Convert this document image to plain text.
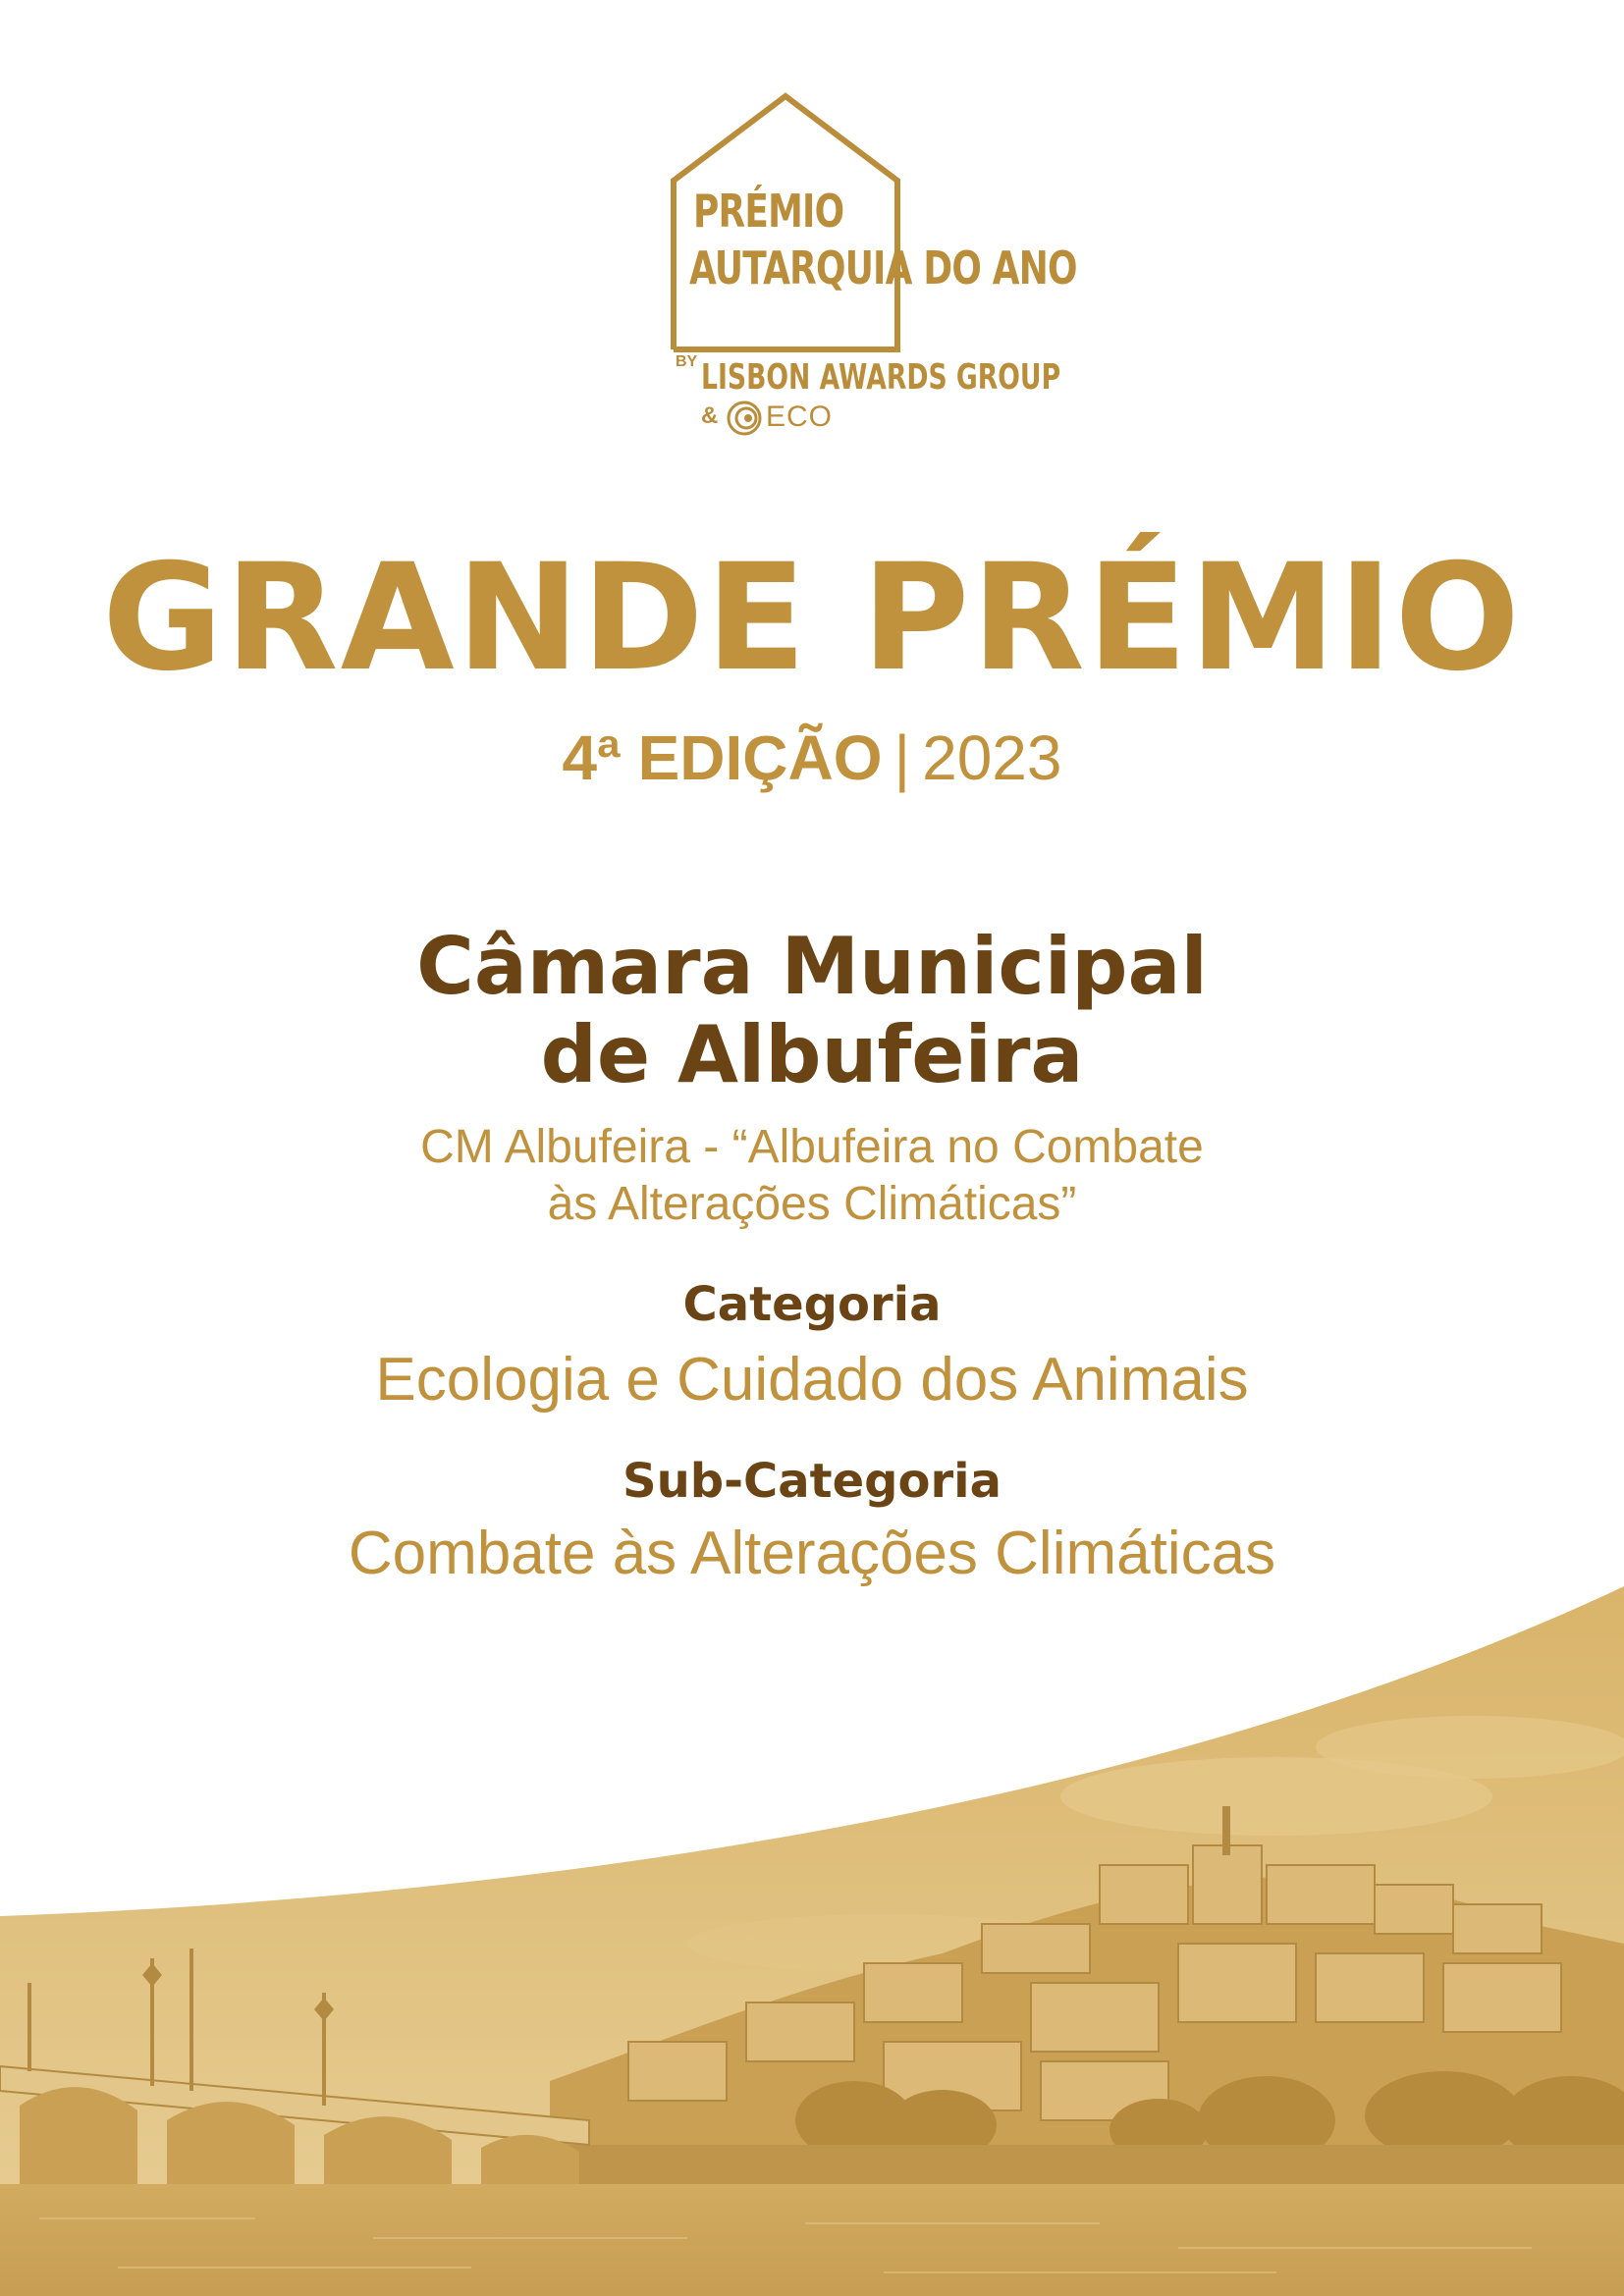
PRÉMIO
AUTARQUIA DO ANO
BY LISBON AWARDS GROUP
& ECO
GRANDE PRÉMIO
4ª EDIÇÃO | 2023
Câmara Municipal
de Albufeira
CM Albufeira - “Albufeira no Combate
às Alterações Climáticas”
Categoria
Ecologia e Cuidado dos Animais
Sub-Categoria
Combate às Alterações Climáticas
